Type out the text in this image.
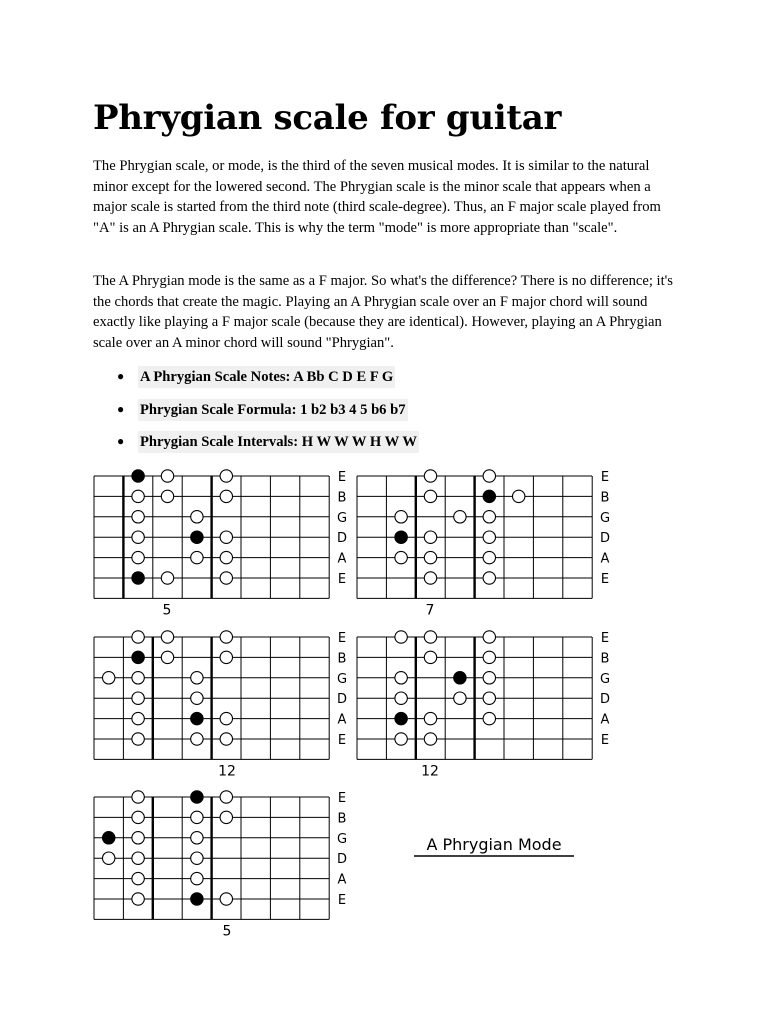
Phrygian scale for guitar

The Phrygian scale, or mode, is the third of the seven musical modes. It is similar to the natural minor except for the lowered second. The Phrygian scale is the minor scale that appears when a major scale is started from the third note (third scale-degree). Thus, an F major scale played from "A" is an A Phrygian scale. This is why the term "mode" is more appropriate than "scale".

The A Phrygian mode is the same as a F major. So what's the difference? There is no difference; it's the chords that create the magic. Playing an A Phrygian scale over an F major chord will sound exactly like playing a F major scale (because they are identical). However, playing an A Phrygian scale over an A minor chord will sound "Phrygian".

● A Phrygian Scale Notes: A Bb C D E F G
● Phrygian Scale Formula: 1 b2 b3 4 5 b6 b7
● Phrygian Scale Intervals: H W W W H W W
A Phrygian Mode
E
B
G
D
A
E
5
E
B
G
D
A
E
7
E
B
G
D
A
E
12
E
B
G
D
A
E
12
E
B
G
D
A
E
5
